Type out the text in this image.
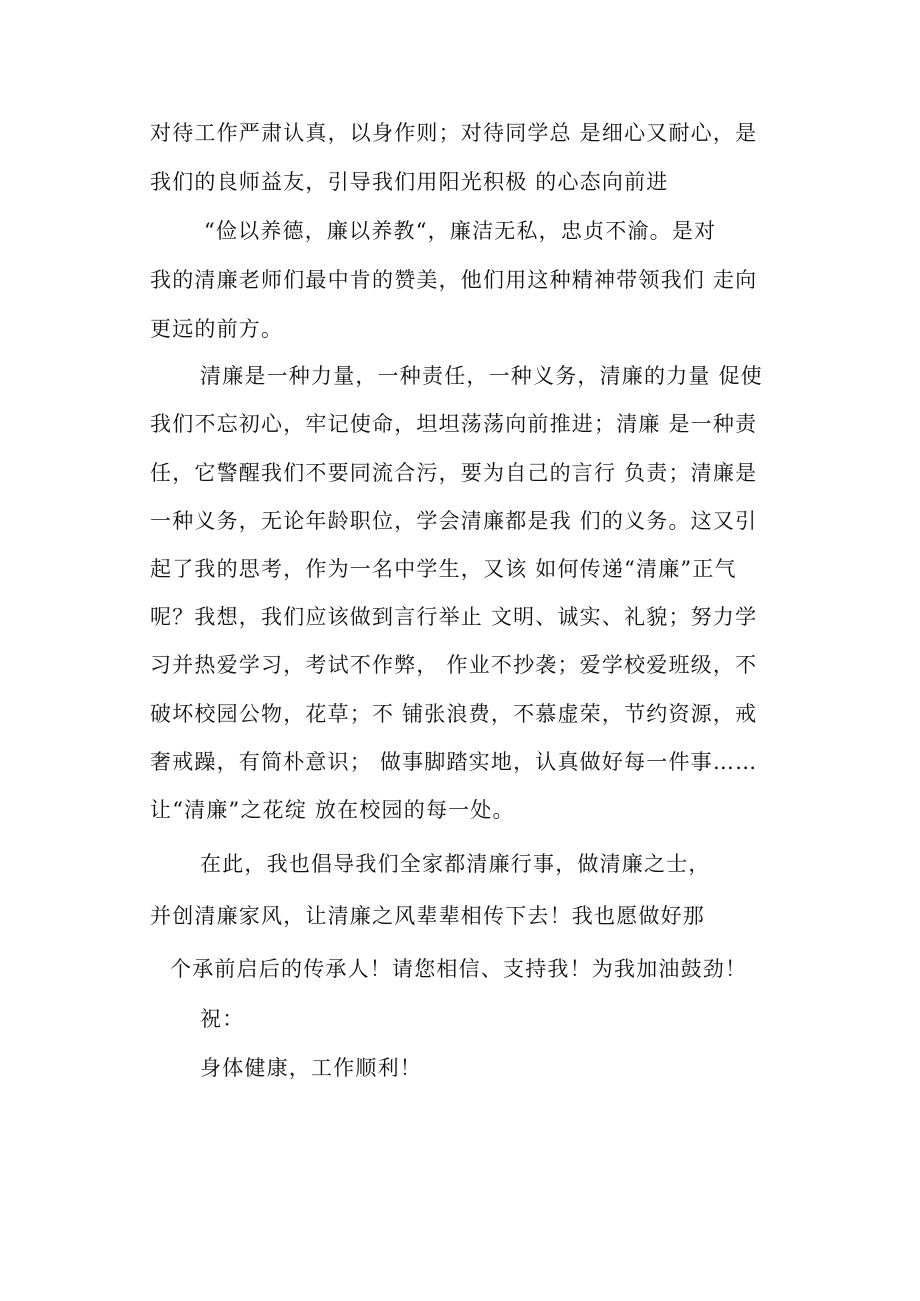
对待工作严肃认真，以身作则；对待同学总 是细心又耐心，是
我们的良师益友，引导我们用阳光积极 的心态向前进
“俭以养德，廉以养教“，廉洁无私，忠贞不渝。是对
我的清廉老师们最中肯的赞美，他们用这种精神带领我们 走向
更远的前方。
清廉是一种力量，一种责任，一种义务，清廉的力量 促使
我们不忘初心，牢记使命，坦坦荡荡向前推进；清廉 是一种责
任，它警醒我们不要同流合污，要为自己的言行 负责；清廉是
一种义务，无论年龄职位，学会清廉都是我 们的义务。这又引
起了我的思考，作为一名中学生，又该 如何传递“清廉”正气
呢？我想，我们应该做到言行举止 文明、诚实、礼貌；努力学
习并热爱学习，考试不作弊， 作业不抄袭；爱学校爱班级，不
破坏校园公物，花草；不 铺张浪费，不慕虚荣，节约资源，戒
奢戒躁，有简朴意识； 做事脚踏实地，认真做好每一件事……
让“清廉”之花绽 放在校园的每一处。
在此，我也倡导我们全家都清廉行事，做清廉之士，
并创清廉家风，让清廉之风辈辈相传下去！我也愿做好那
个承前启后的传承人！请您相信、支持我！为我加油鼓劲！
祝：
身体健康，工作顺利！
